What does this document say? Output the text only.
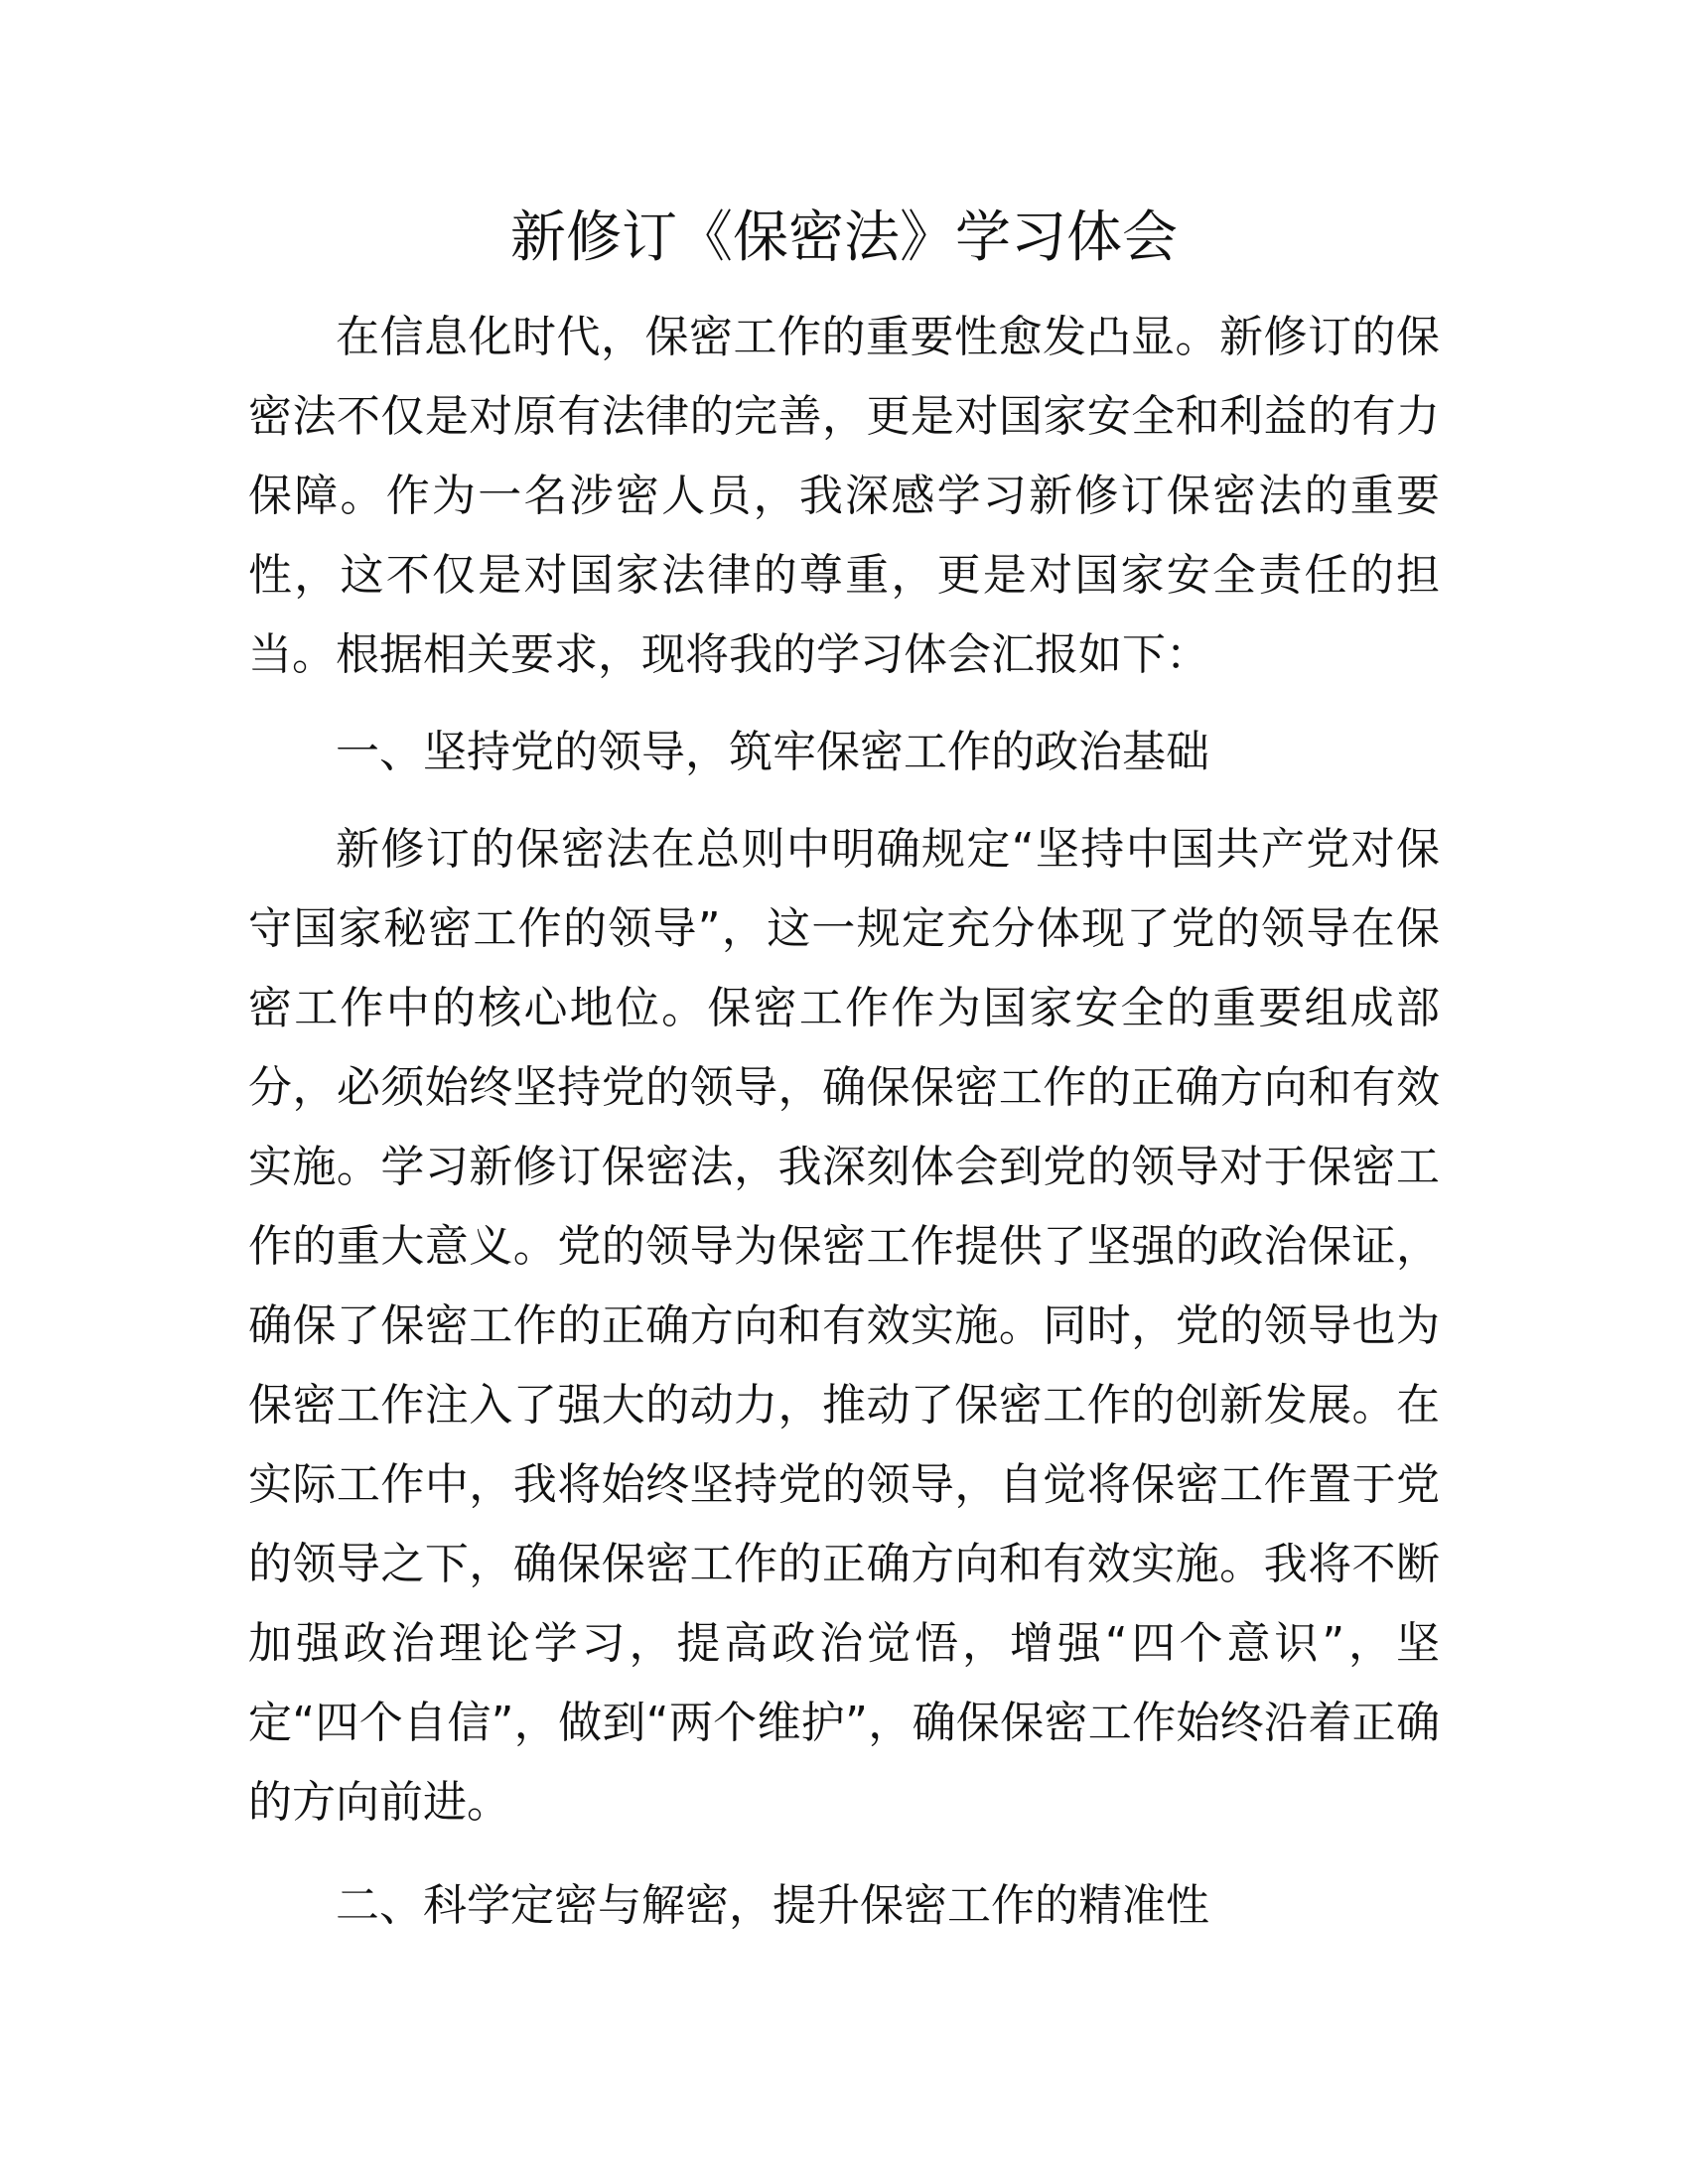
新修订《保密法》学习体会

在信息化时代，保密工作的重要性愈发凸显。新修订的保密法不仅是对原有法律的完善，更是对国家安全和利益的有力保障。作为一名涉密人员，我深感学习新修订保密法的重要性，这不仅是对国家法律的尊重，更是对国家安全责任的担当。根据相关要求，现将我的学习体会汇报如下：

一、坚持党的领导，筑牢保密工作的政治基础

新修订的保密法在总则中明确规定“坚持中国共产党对保守国家秘密工作的领导”，这一规定充分体现了党的领导在保密工作中的核心地位。保密工作作为国家安全的重要组成部分，必须始终坚持党的领导，确保保密工作的正确方向和有效实施。学习新修订保密法，我深刻体会到党的领导对于保密工作的重大意义。党的领导为保密工作提供了坚强的政治保证，确保了保密工作的正确方向和有效实施。同时，党的领导也为保密工作注入了强大的动力，推动了保密工作的创新发展。在实际工作中，我将始终坚持党的领导，自觉将保密工作置于党的领导之下，确保保密工作的正确方向和有效实施。我将不断加强政治理论学习，提高政治觉悟，增强“四个意识”，坚定“四个自信”，做到“两个维护”，确保保密工作始终沿着正确的方向前进。

二、科学定密与解密，提升保密工作的精准性
